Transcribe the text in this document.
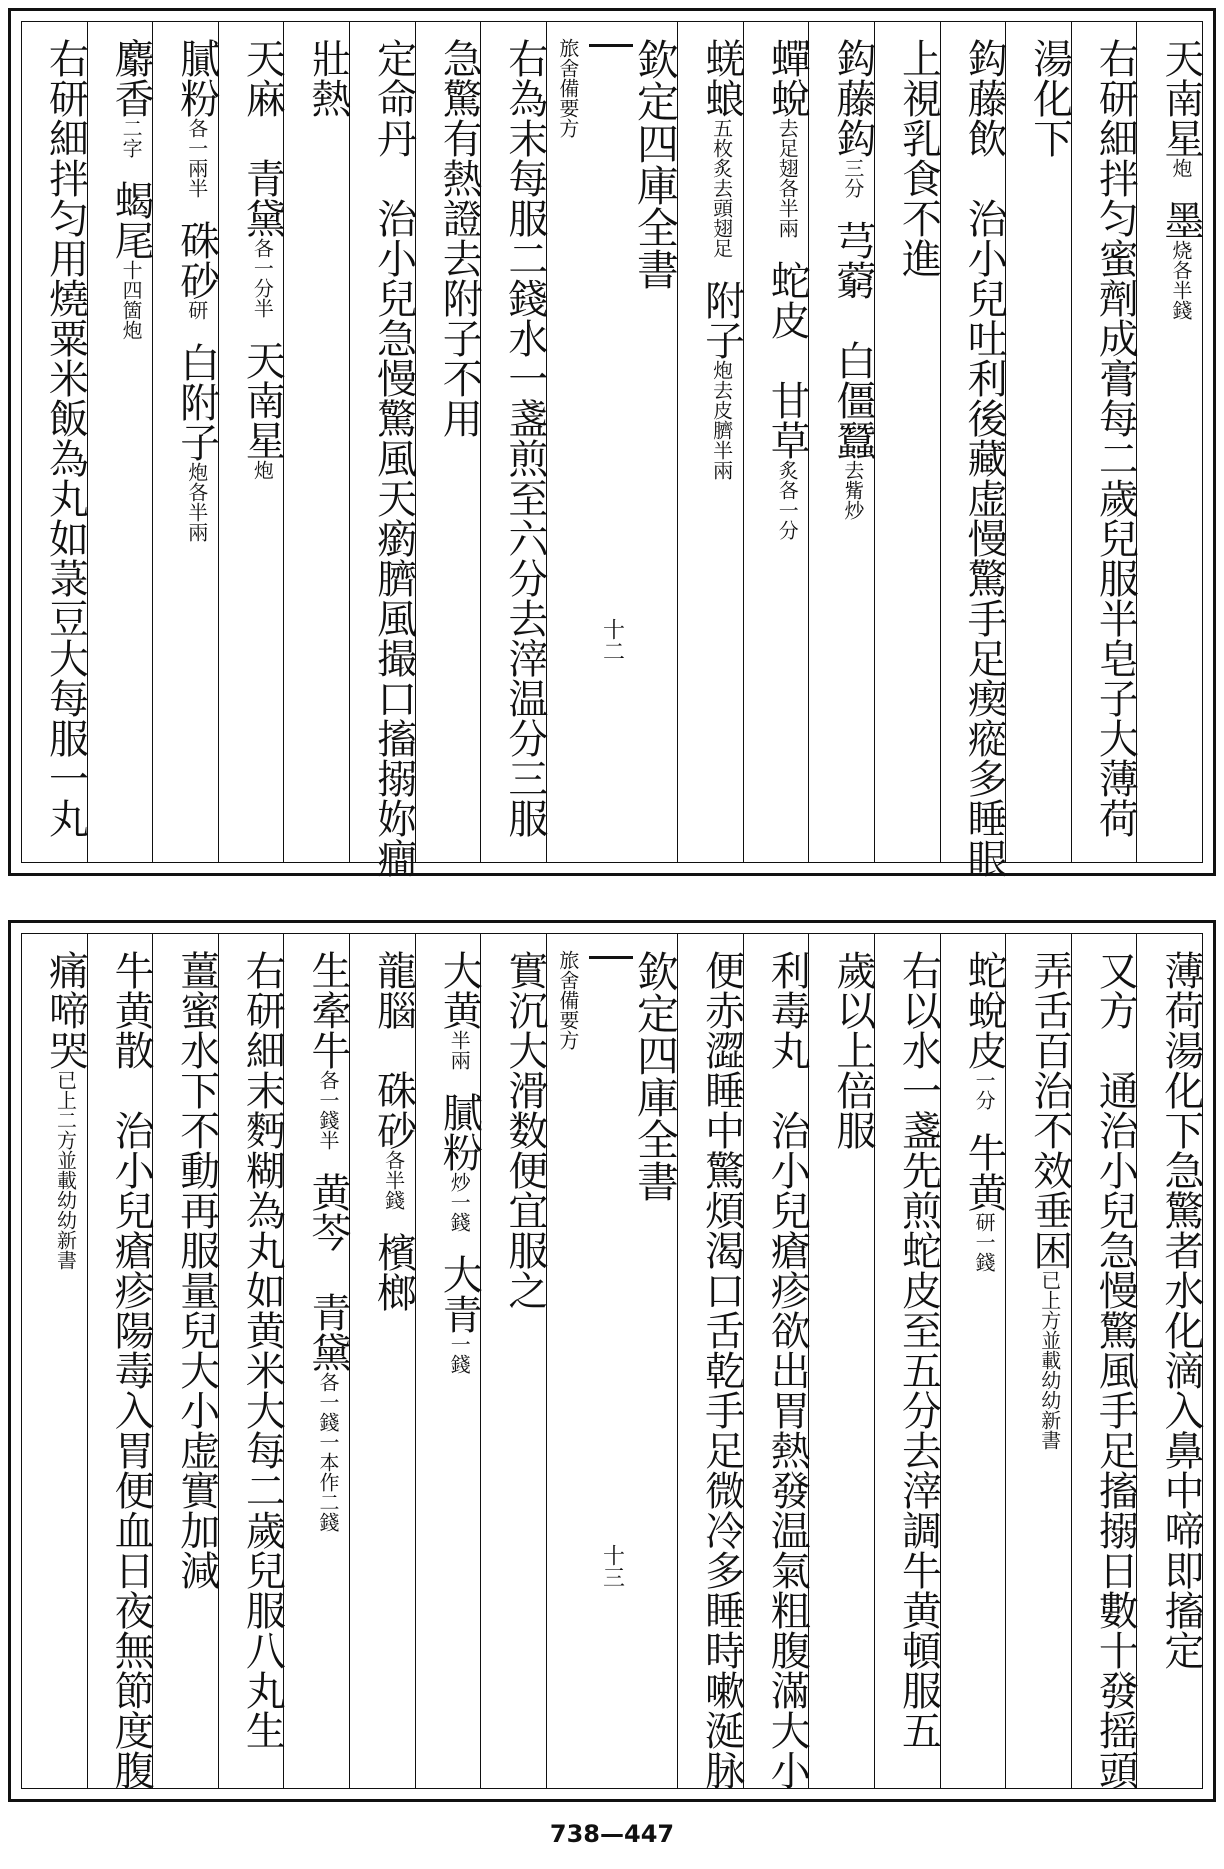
天南星炮墨烧各半錢
右研細拌匀蜜劑成膏每二歲兒服半皂子大薄荷
湯化下
鈎藤飲　治小兒吐利後藏虚慢驚手足瘈瘲多睡眼
上視乳食不進
鈎藤鈎三分芎藭　白僵蠶去觜炒
蟬蛻去足翅各半兩蛇皮　甘草炙各一分
蜣蜋五枚炙去頭翅足附子炮去皮臍半兩
欽定四庫全書
旅舍備要方
十二
右為末每服二錢水一盞煎至六分去滓温分三服
急驚有熱證去附子不用
定命丹　治小兒急慢驚風天瘹臍風撮口搐搦妳癎
壯熱
天麻　青黛各一分半天南星炮
膩粉各一兩半硃砂研白附子炮各半兩
麝香二字蝎尾十四箇炮
右研細拌匀用燒粟米飯為丸如菉豆大每服一丸
薄荷湯化下急驚者水化滴入鼻中啼即搐定
又方　通治小兒急慢驚風手足搐搦日數十發摇頭
弄舌百治不效垂困已上方並載幼幼新書
蛇蛻皮一分牛黄研一錢
右以水一盞先煎蛇皮至五分去滓調牛黄頓服五
歲以上倍服
利毒丸　治小兒瘡疹欲出胃熱發温氣粗腹滿大小
便赤澀睡中驚煩渴口舌乾手足微冷多睡時嗽涎脉
欽定四庫全書
旅舍備要方
十三
實沉大滑数便宜服之
大黄半兩膩粉炒一錢大青一錢
龍腦　硃砂各半錢檳榔
生牽牛各一錢半黄芩　青黛各一錢一本作二錢
右研細末麪糊為丸如黄米大每二歲兒服八丸生
薑蜜水下不動再服量兒大小虚實加減
牛黄散　治小兒瘡疹陽毒入胃便血日夜無節度腹
痛啼哭已上二方並載幼幼新書
738—447
